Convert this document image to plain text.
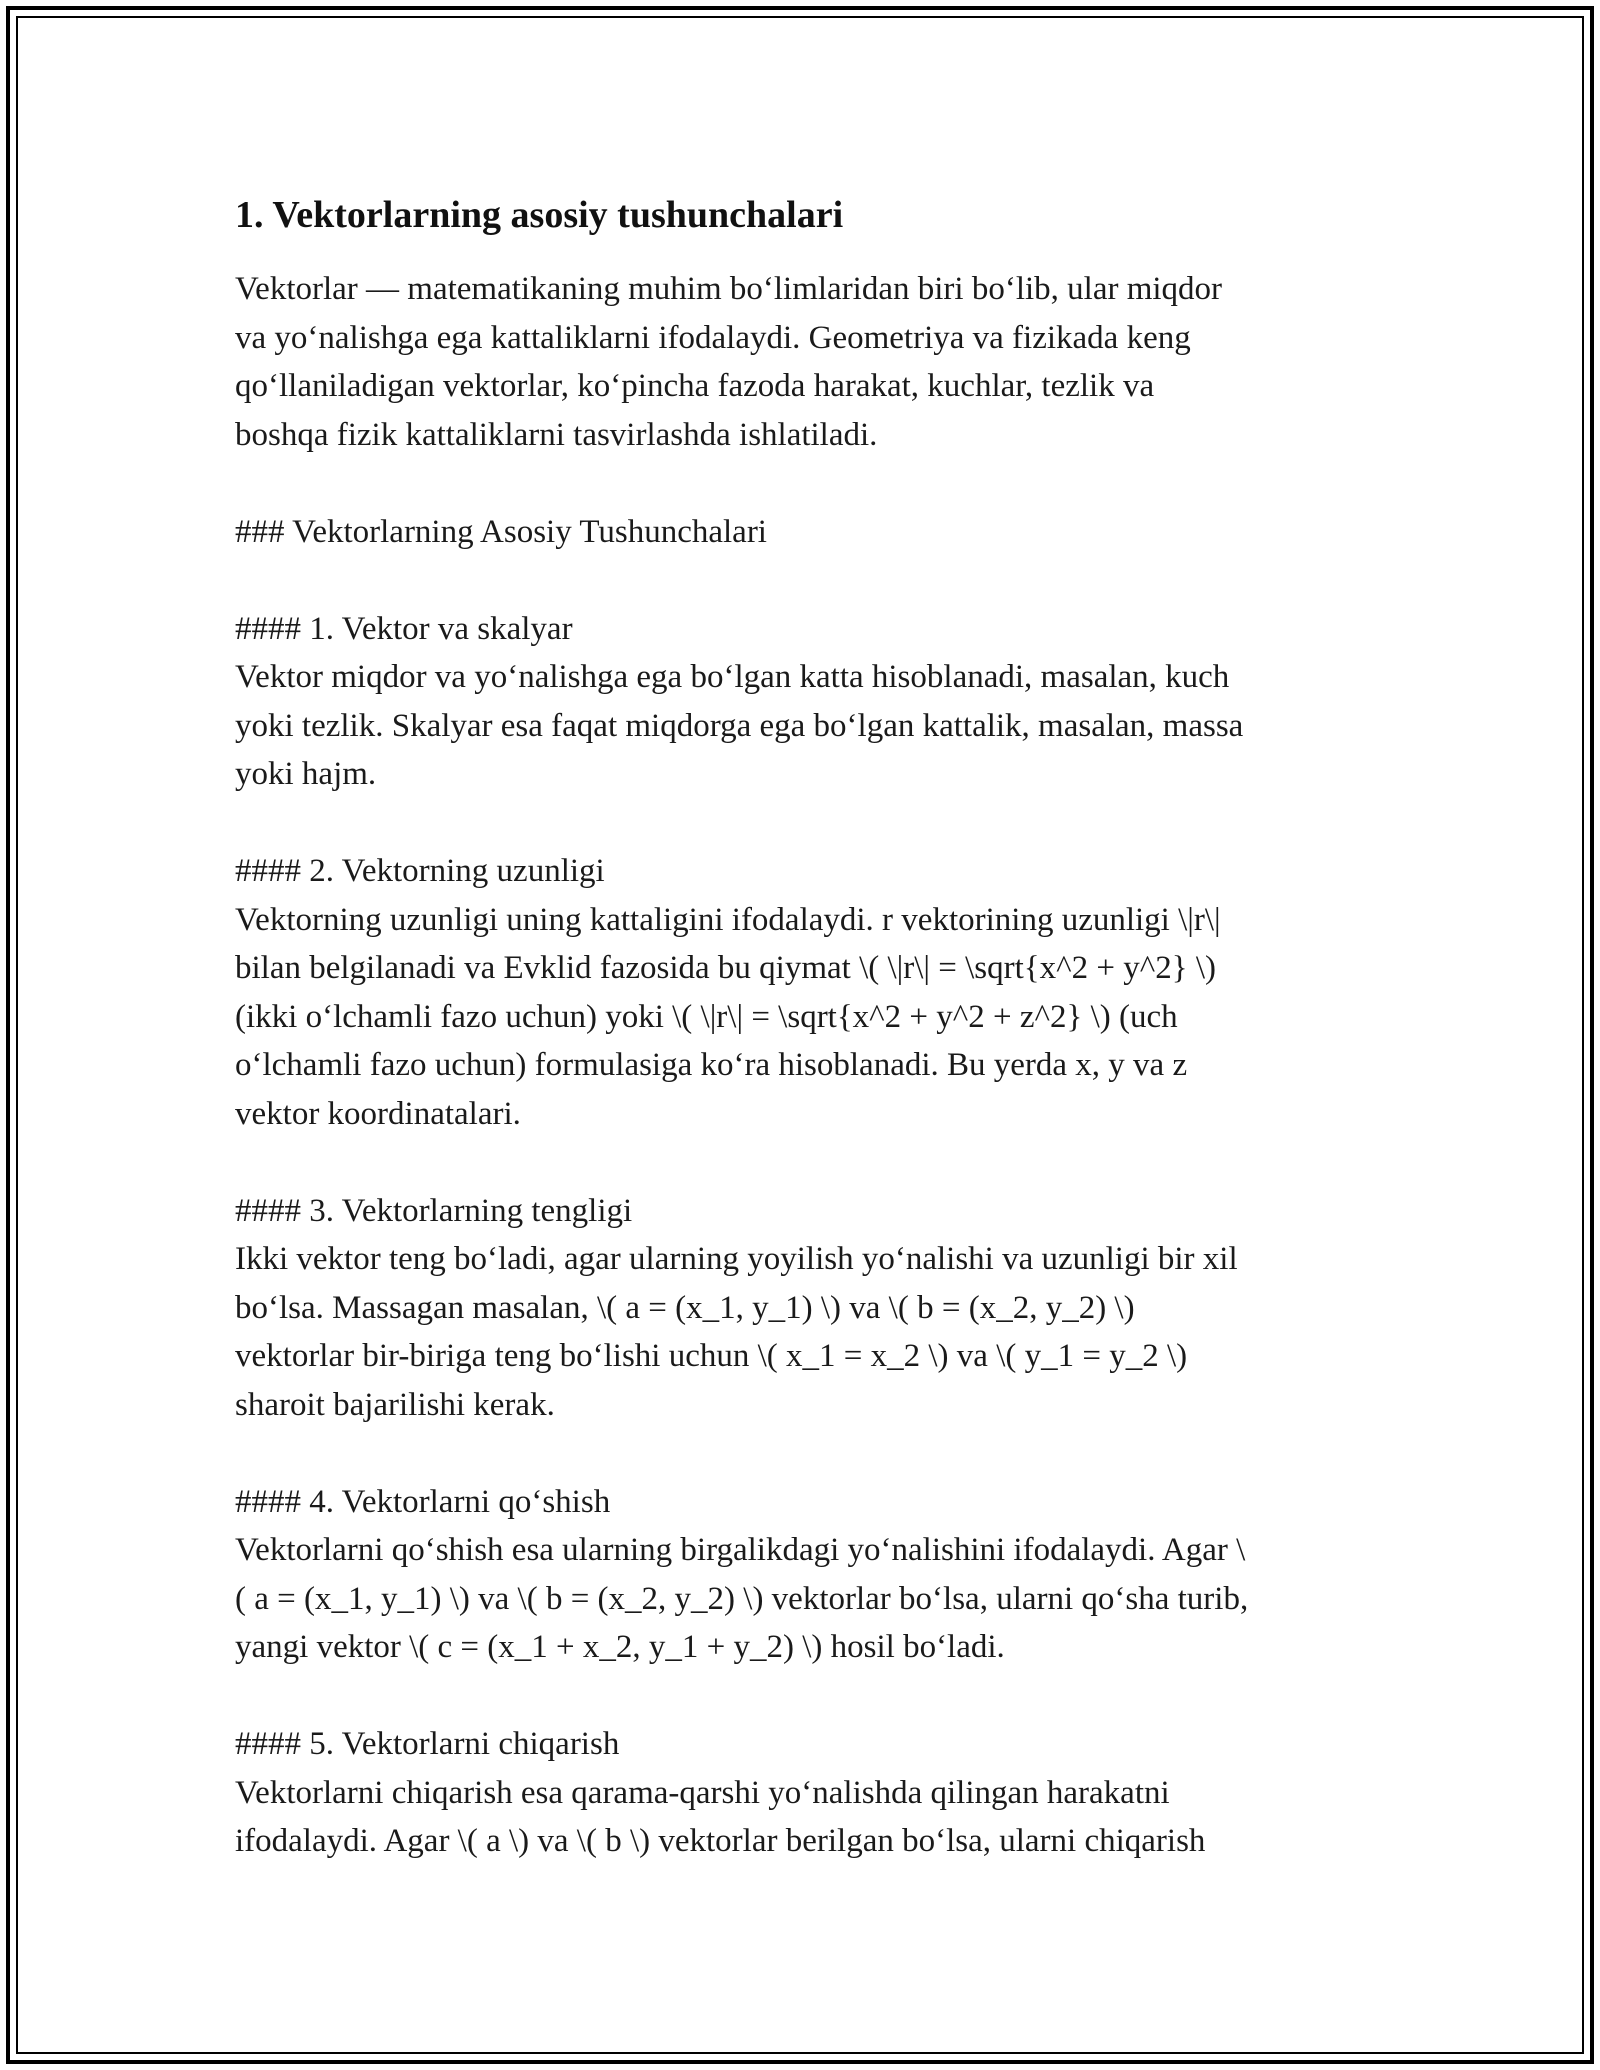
1. Vektorlarning asosiy tushunchalari

Vektorlar — matematikaning muhim bo‘limlaridan biri bo‘lib, ular miqdor
va yo‘nalishga ega kattaliklarni ifodalaydi. Geometriya va fizikada keng
qo‘llaniladigan vektorlar, ko‘pincha fazoda harakat, kuchlar, tezlik va
boshqa fizik kattaliklarni tasvirlashda ishlatiladi.

### Vektorlarning Asosiy Tushunchalari

#### 1. Vektor va skalyar

Vektor miqdor va yo‘nalishga ega bo‘lgan katta hisoblanadi, masalan, kuch
yoki tezlik. Skalyar esa faqat miqdorga ega bo‘lgan kattalik, masalan, massa
yoki hajm.

#### 2. Vektorning uzunligi

Vektorning uzunligi uning kattaligini ifodalaydi. r vektorining uzunligi \|r\|
bilan belgilanadi va Evklid fazosida bu qiymat \( \|r\| = \sqrt{x^2 + y^2} \)
(ikki o‘lchamli fazo uchun) yoki \( \|r\| = \sqrt{x^2 + y^2 + z^2} \) (uch
o‘lchamli fazo uchun) formulasiga ko‘ra hisoblanadi. Bu yerda x, y va z
vektor koordinatalari.

#### 3. Vektorlarning tengligi

Ikki vektor teng bo‘ladi, agar ularning yoyilish yo‘nalishi va uzunligi bir xil
bo‘lsa. Massagan masalan, \( a = (x_1, y_1) \) va \( b = (x_2, y_2) \)
vektorlar bir-biriga teng bo‘lishi uchun \( x_1 = x_2 \) va \( y_1 = y_2 \)
sharoit bajarilishi kerak.

#### 4. Vektorlarni qo‘shish

Vektorlarni qo‘shish esa ularning birgalikdagi yo‘nalishini ifodalaydi. Agar \
( a = (x_1, y_1) \) va \( b = (x_2, y_2) \) vektorlar bo‘lsa, ularni qo‘sha turib,
yangi vektor \( c = (x_1 + x_2, y_1 + y_2) \) hosil bo‘ladi.

#### 5. Vektorlarni chiqarish

Vektorlarni chiqarish esa qarama-qarshi yo‘nalishda qilingan harakatni
ifodalaydi. Agar \( a \) va \( b \) vektorlar berilgan bo‘lsa, ularni chiqarish
